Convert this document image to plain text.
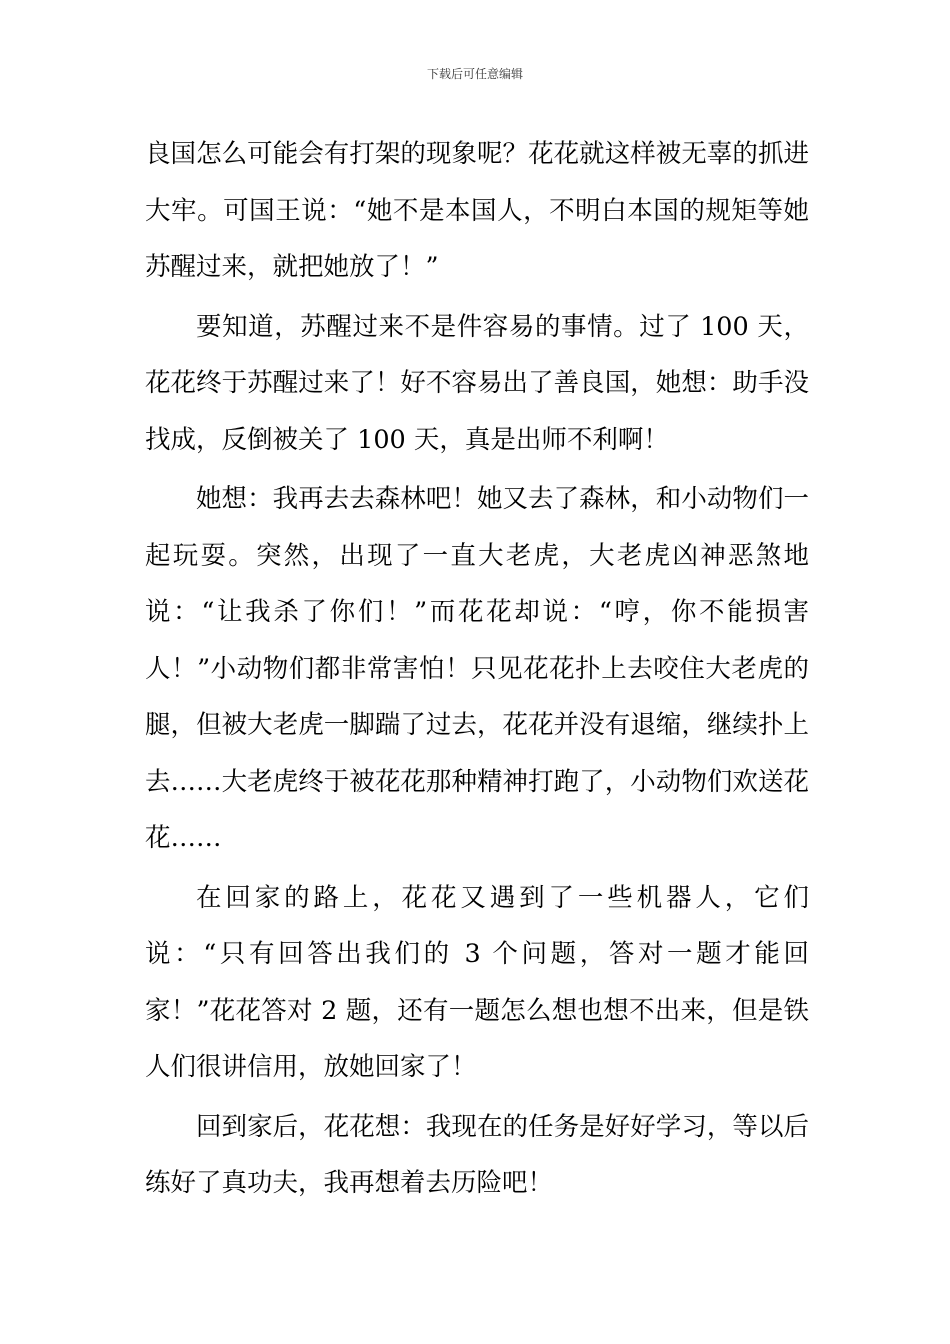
下载后可任意编辑

良国怎么可能会有打架的现象呢？花花就这样被无辜的抓进大牢。可国王说：“她不是本国人，不明白本国的规矩等她苏醒过来，就把她放了！”

要知道，苏醒过来不是件容易的事情。过了 100 天，花花终于苏醒过来了！好不容易出了善良国，她想：助手没找成，反倒被关了 100 天，真是出师不利啊！

她想：我再去去森林吧！她又去了森林，和小动物们一起玩耍。突然，出现了一直大老虎，大老虎凶神恶煞地说：“让我杀了你们！”而花花却说：“哼，你不能损害人！”小动物们都非常害怕！只见花花扑上去咬住大老虎的腿，但被大老虎一脚踹了过去，花花并没有退缩，继续扑上去……大老虎终于被花花那种精神打跑了，小动物们欢送花花……

在回家的路上，花花又遇到了一些机器人，它们说：“只有回答出我们的 3 个问题，答对一题才能回家！”花花答对 2 题，还有一题怎么想也想不出来，但是铁人们很讲信用，放她回家了！

回到家后，花花想：我现在的任务是好好学习，等以后练好了真功夫，我再想着去历险吧！
